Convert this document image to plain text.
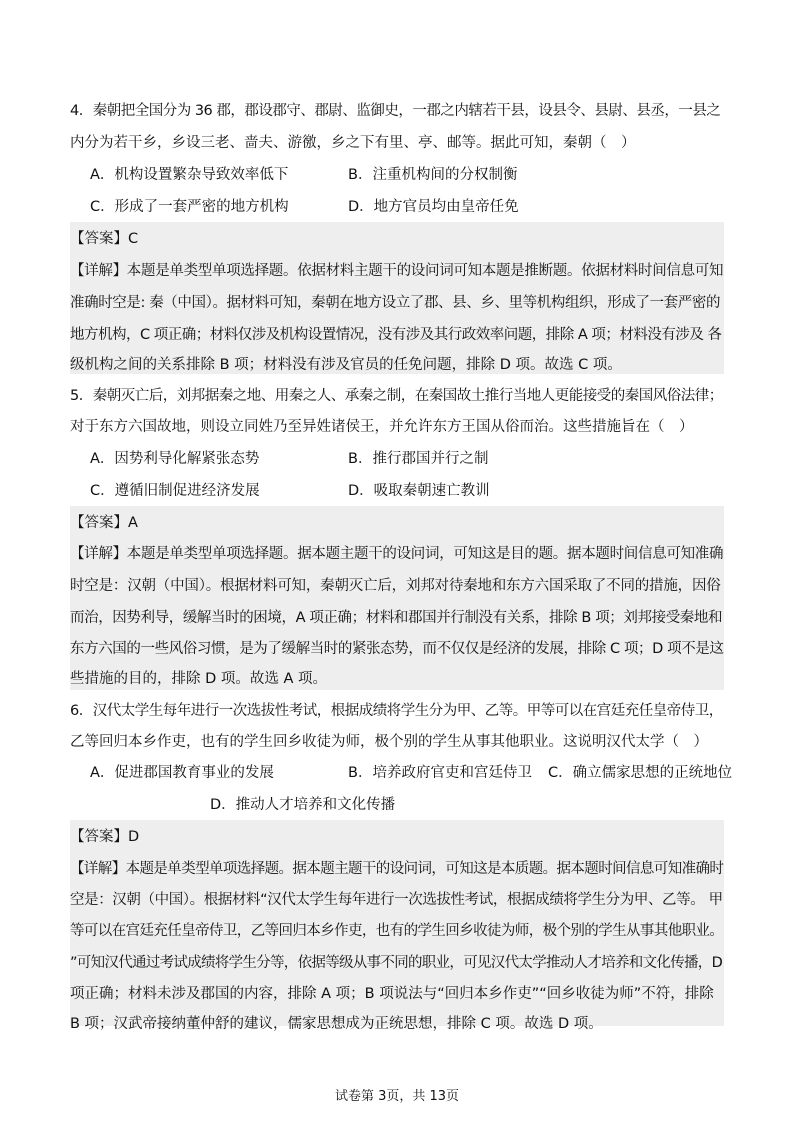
4．秦朝把全国分为 36 郡，郡设郡守、郡尉、监御史，一郡之内辖若干县，设县令、县尉、县丞，一县之
内分为若干乡，乡设三老、啬夫、游徼，乡之下有里、亭、邮等。据此可知，秦朝（　）
A．机构设置繁杂导致效率低下	B．注重机构间的分权制衡
C．形成了一套严密的地方机构	D．地方官员均由皇帝任免
【答案】C
【详解】本题是单类型单项选择题。依据材料主题干的设问词可知本题是推断题。依据材料时间信息可知
准确时空是: 秦（中国）。据材料可知，秦朝在地方设立了郡、县、乡、里等机构组织，形成了一套严密的
地方机构，C 项正确；材料仅涉及机构设置情况，没有涉及其行政效率问题，排除 A 项；材料没有涉及 各
级机构之间的关系排除 B 项；材料没有涉及官员的任免问题，排除 D 项。故选 C 项。
5．秦朝灭亡后，刘邦据秦之地、用秦之人、承秦之制，在秦国故土推行当地人更能接受的秦国风俗法律；
对于东方六国故地，则设立同姓乃至异姓诸侯王，并允许东方王国从俗而治。这些措施旨在（　）
A．因势利导化解紧张态势	B．推行郡国并行之制
C．遵循旧制促进经济发展	D．吸取秦朝速亡教训
【答案】A
【详解】本题是单类型单项选择题。据本题主题干的设问词，可知这是目的题。据本题时间信息可知准确
时空是：汉朝（中国）。根据材料可知，秦朝灭亡后，刘邦对待秦地和东方六国采取了不同的措施，因俗
而治，因势利导，缓解当时的困境，A 项正确；材料和郡国并行制没有关系，排除 B 项；刘邦接受秦地和
东方六国的一些风俗习惯，是为了缓解当时的紧张态势，而不仅仅是经济的发展，排除 C 项；D 项不是这
些措施的目的，排除 D 项。故选 A 项。
6．汉代太学生每年进行一次选拔性考试，根据成绩将学生分为甲、乙等。甲等可以在宫廷充任皇帝侍卫，
乙等回归本乡作吏，也有的学生回乡收徒为师，极个别的学生从事其他职业。这说明汉代太学（　）
A．促进郡国教育事业的发展	B．培养政府官吏和宫廷侍卫 C．确立儒家思想的正统地位
D．推动人才培养和文化传播
【答案】D
【详解】本题是单类型单项选择题。据本题主题干的设问词，可知这是本质题。据本题时间信息可知准确时
空是：汉朝（中国）。根据材料“汉代太学生每年进行一次选拔性考试，根据成绩将学生分为甲、乙等。 甲
等可以在宫廷充任皇帝侍卫，乙等回归本乡作吏，也有的学生回乡收徒为师，极个别的学生从事其他职业。
”可知汉代通过考试成绩将学生分等，依据等级从事不同的职业，可见汉代太学推动人才培养和文化传播，D
项正确；材料未涉及郡国的内容，排除 A 项；B 项说法与“回归本乡作吏”“回乡收徒为师”不符，排除
B 项；汉武帝接纳董仲舒的建议，儒家思想成为正统思想，排除 C 项。故选 D 项。
试卷第 3页，共 13页
